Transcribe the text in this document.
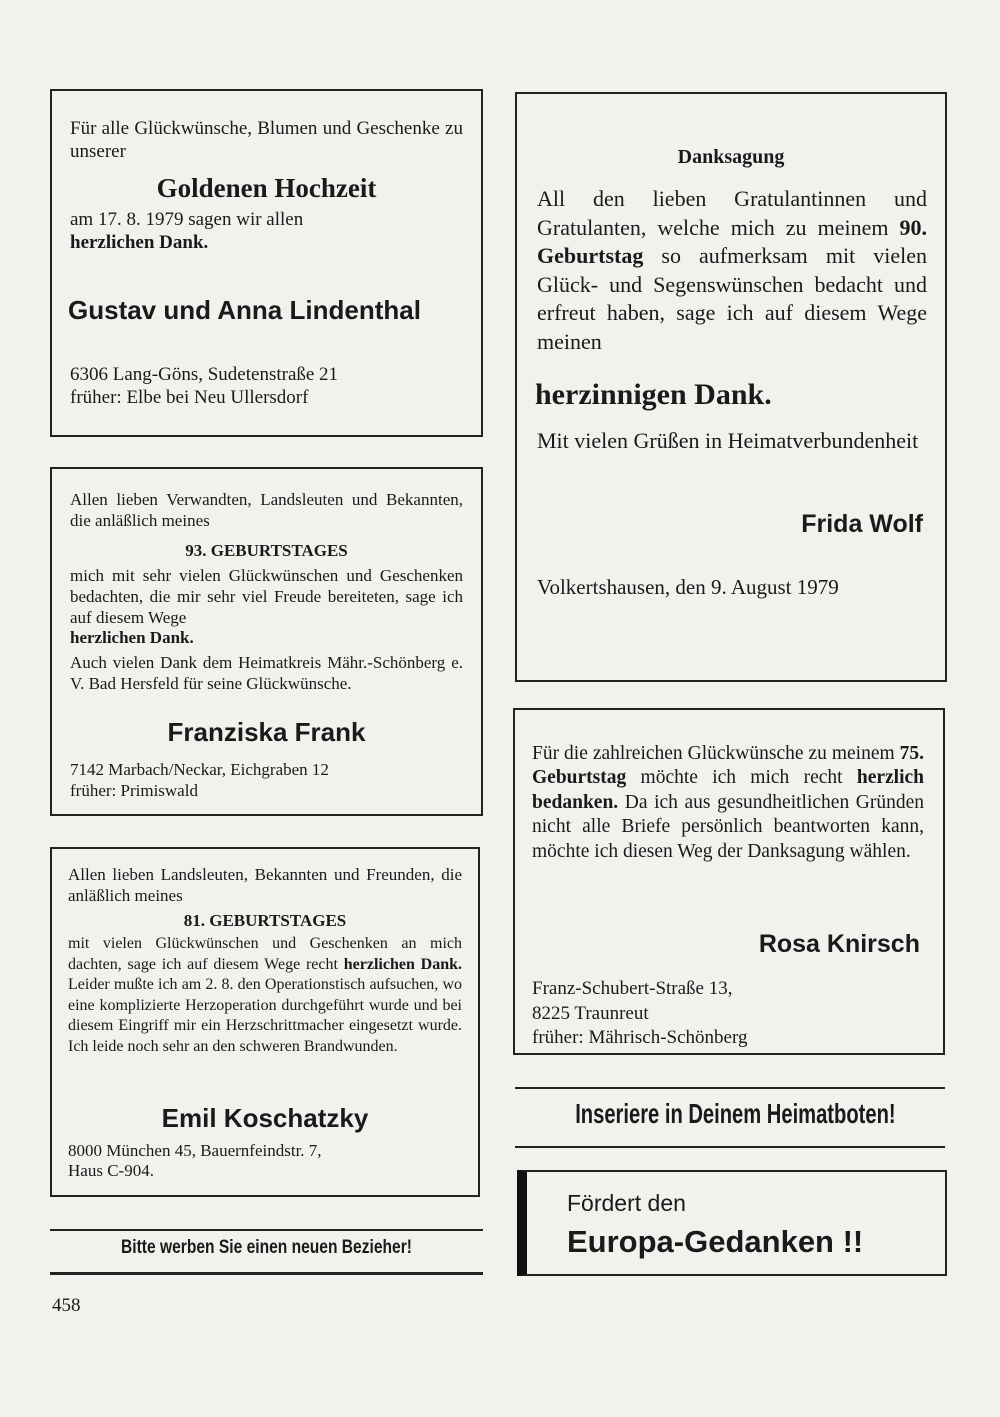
Für alle Glückwünsche, Blumen und Geschenke zu unserer

Goldenen Hochzeit

am 17. 8. 1979 sagen wir allen

herzlichen Dank.

Gustav und Anna Lindenthal

6306 Lang-Göns, Sudetenstraße 21

früher: Elbe bei Neu Ullersdorf

Allen lieben Verwandten, Landsleuten und Bekannten, die anläßlich meines

93. GEBURTSTAGES

mich mit sehr vielen Glückwünschen und Geschenken bedachten, die mir sehr viel Freude bereiteten, sage ich auf diesem Wege

herzlichen Dank.

Auch vielen Dank dem Heimatkreis Mähr.-Schönberg e. V. Bad Hersfeld für seine Glückwünsche.

Franziska Frank

7142 Marbach/Neckar, Eichgraben 12

früher: Primiswald

Allen lieben Landsleuten, Bekannten und Freunden, die anläßlich meines

81. GEBURTSTAGES

mit vielen Glückwünschen und Geschenken an mich dachten, sage ich auf diesem Wege recht herzlichen Dank. Leider mußte ich am 2. 8. den Operationstisch aufsuchen, wo eine komplizierte Herzoperation durchgeführt wurde und bei diesem Eingriff mir ein Herzschrittmacher eingesetzt wurde. Ich leide noch sehr an den schweren Brandwunden.

Emil Koschatzky

8000 München 45, Bauernfeindstr. 7,

Haus C-904.

Bitte werben Sie einen neuen Bezieher!

458

Danksagung

All den lieben Gratulantinnen und Gratulanten, welche mich zu meinem 90. Geburtstag so aufmerksam mit vielen Glück- und Segenswünschen bedacht und erfreut haben, sage ich auf diesem Wege meinen

herzinnigen Dank.

Mit vielen Grüßen in Heimatverbundenheit

Frida Wolf

Volkertshausen, den 9. August 1979

Für die zahlreichen Glückwünsche zu meinem 75. Geburtstag möchte ich mich recht herzlich bedanken. Da ich aus gesundheitlichen Gründen nicht alle Briefe persönlich beantworten kann, möchte ich diesen Weg der Danksagung wählen.

Rosa Knirsch

Franz-Schubert-Straße 13,

8225 Traunreut

früher: Mährisch-Schönberg

Inseriere in Deinem Heimatboten!

Fördert den

Europa-Gedanken !!
